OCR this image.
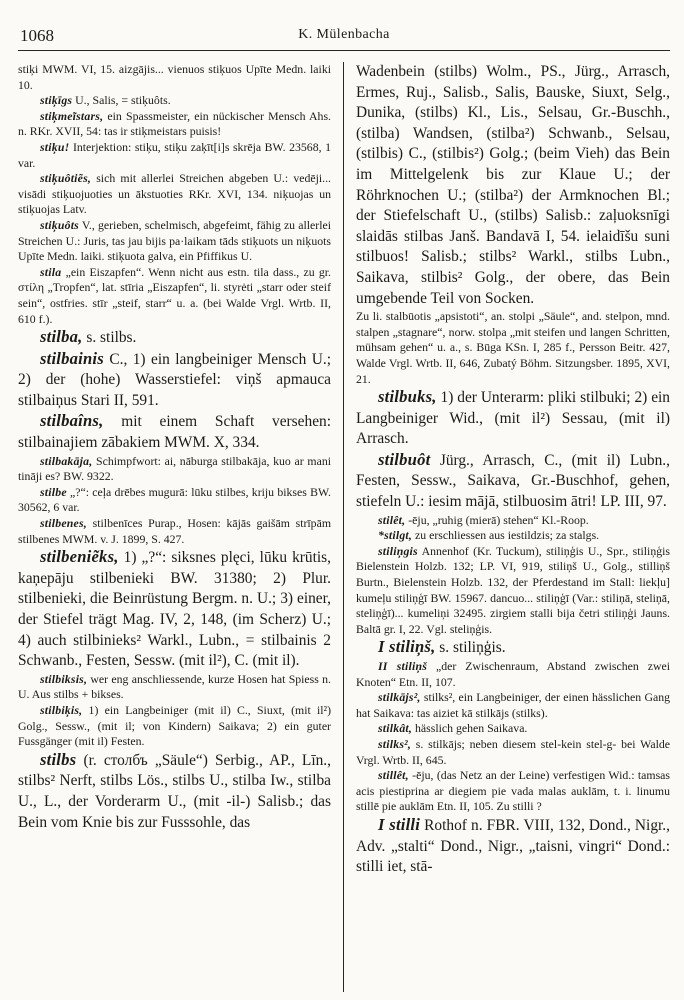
1068	K. Mülenbacha

stiķi MWM. VI, 15. aizgājis... vienuos stiķuos Upīte Medn. laiki 10.

stiķīgs U., Salis, = stiķuôts.

stiķmeĩstars, ein Spassmeister, ein nückischer Mensch Ahs. n. RKr. XVII, 54: tas ir stiķmeistars puisis!

stiķu! Interjektion: stiķu, stiķu zaķīt[i]s skrēja BW. 23568, 1 var.

stiķuôtiẽs, sich mit allerlei Streichen abgeben U.: vedēji... visādi stiķuojuoties un ākstuoties RKr. XVI, 134. niķuojas un stiķuojas Latv.

stiķuôts V., gerieben, schelmisch, abgefeimt, fähig zu allerlei Streichen U.: Juris, tas jau bijis pa·laikam tāds stiķuots un niķuots Upīte Medn. laiki. stiķuota galva, ein Pfiffikus U.

stila „ein Eiszapfen“. Wenn nicht aus estn. tila dass., zu gr. στίλη „Tropfen“, lat. stīria „Eiszapfen“, li. styrėti „starr oder steif sein“, ostfries. stīr „steif, starr“ u. a. (bei Walde Vrgl. Wrtb. II, 610 f.).

stilba, s. stilbs.

stilbainis C., 1) ein langbeiniger Mensch U.; 2) der (hohe) Wasserstiefel: viņš apmauca stilbaiņus Stari II, 591.

stilbaîns, mit einem Schaft versehen: stilbainajiem zābakiem MWM. X, 334.

stilbakāja, Schimpfwort: ai, nāburga stilbakāja, kuo ar mani tināji es? BW. 9322.

stilbe „?“: ceļa drēbes mugurā: lūku stilbes, kriju bikses BW. 30562, 6 var.

stilbenes, stilbenīces Purap., Hosen: kājās gaišām strīpām stilbenes MWM. v. J. 1899, S. 427.

stilbeniẽks, 1) „?“: siksnes plęci, lūku krūtis, kaņepāju stilbenieki BW. 31380; 2) Plur. stilbenieki, die Beinrüstung Bergm. n. U.; 3) einer, der Stiefel trägt Mag. IV, 2, 148, (im Scherz) U.; 4) auch stilbinieks² Warkl., Lubn., = stilbainis 2 Schwanb., Festen, Sessw. (mit il²), C. (mit il).

stilbiksis, wer eng anschliessende, kurze Hosen hat Spiess n. U. Aus stilbs + bikses.

stilbiķis, 1) ein Langbeiniger (mit il) C., Siuxt, (mit il²) Golg., Sessw., (mit il; von Kindern) Saikava; 2) ein guter Fussgänger (mit il) Festen.

stilbs (r. столбъ „Säule“) Serbig., AP., Līn., stilbs² Nerft, stilbs Lös., stilbs U., stilba Iw., stilba U., L., der Vorderarm U., (mit -il-) Salisb.; das Bein vom Knie bis zur Fusssohle, das

Wadenbein (stilbs) Wolm., PS., Jürg., Arrasch, Ermes, Ruj., Salisb., Salis, Bauske, Siuxt, Selg., Dunika, (stilbs) Kl., Lis., Selsau, Gr.-Buschh., (stilba) Wandsen, (stilba²) Schwanb., Selsau, (stilbis) C., (stilbis²) Golg.; (beim Vieh) das Bein im Mittelgelenk bis zur Klaue U.; der Röhrknochen U.; (stilba²) der Armknochen Bl.; der Stiefelschaft U., (stilbs) Salisb.: zaļuoksnīgi slaidās stilbas Janš. Bandavā I, 54. ielaidīšu suni stilbuos! Salisb.; stilbs² Warkl., stilbs Lubn., Saikava, stilbis² Golg., der obere, das Bein umgebende Teil von Socken.

Zu li. stalbūotis „apsistoti“, an. stolpi „Säule“, and. stelpon, mnd. stalpen „stagnare“, norw. stolpa „mit steifen und langen Schritten, mühsam gehen“ u. a., s. Būga KSn. I, 285 f., Persson Beitr. 427, Walde Vrgl. Wrtb. II, 646, Zubatý Böhm. Sitzungsber. 1895, XVI, 21.

stilbuks, 1) der Unterarm: pliki stilbuki; 2) ein Langbeiniger Wid., (mit il²) Sessau, (mit il) Arrasch.

stilbuôt Jürg., Arrasch, C., (mit il) Lubn., Festen, Sessw., Saikava, Gr.-Buschhof, gehen, stiefeln U.: iesim mājā, stilbuosim ātri! LP. III, 97.

stilêt, -ēju, „ruhig (mierā) stehen“ Kl.-Roop.

*stilgt, zu erschliessen aus iestildzis; za stalgs.

stiliņgis Annenhof (Kr. Tuckum), stiliņģis U., Spr., stiliņģis Bielenstein Holzb. 132; LP. VI, 919, stiliņš U., Golg., stilliņš Burtn., Bielenstein Holzb. 132, der Pferdestand im Stall: liekļu] kumeļu stiliņģī BW. 15967. dancuo... stiliņģī (Var.: stiliņā, steliņā, steliņģī)... kumeliņi 32495. zirgiem stalli bija četri stiliņģi Jauns. Baltā gr. I, 22. Vgl. steliņģis.

I stiliņš, s. stiliņģis.

II stiliņš „der Zwischenraum, Abstand zwischen zwei Knoten“ Etn. II, 107.

stilkājs², stilks², ein Langbeiniger, der einen hässlichen Gang hat Saikava: tas aiziet kā stilkājs (stilks).

stilkât, hässlich gehen Saikava.

stilks², s. stilkājs; neben diesem stel-kein stel-g- bei Walde Vrgl. Wrtb. II, 645.

stillêt, -ēju, (das Netz an der Leine) verfestigen Wid.: tamsas acis piestiprina ar diegiem pie vada malas auklām, t. i. linumu stillē pie auklām Etn. II, 105. Zu stilli ?

I stilli Rothof n. FBR. VIII, 132, Dond., Nigr., Adv. „stalti“ Dond., Nigr., „taisni, vingri“ Dond.: stilli iet, stā-
